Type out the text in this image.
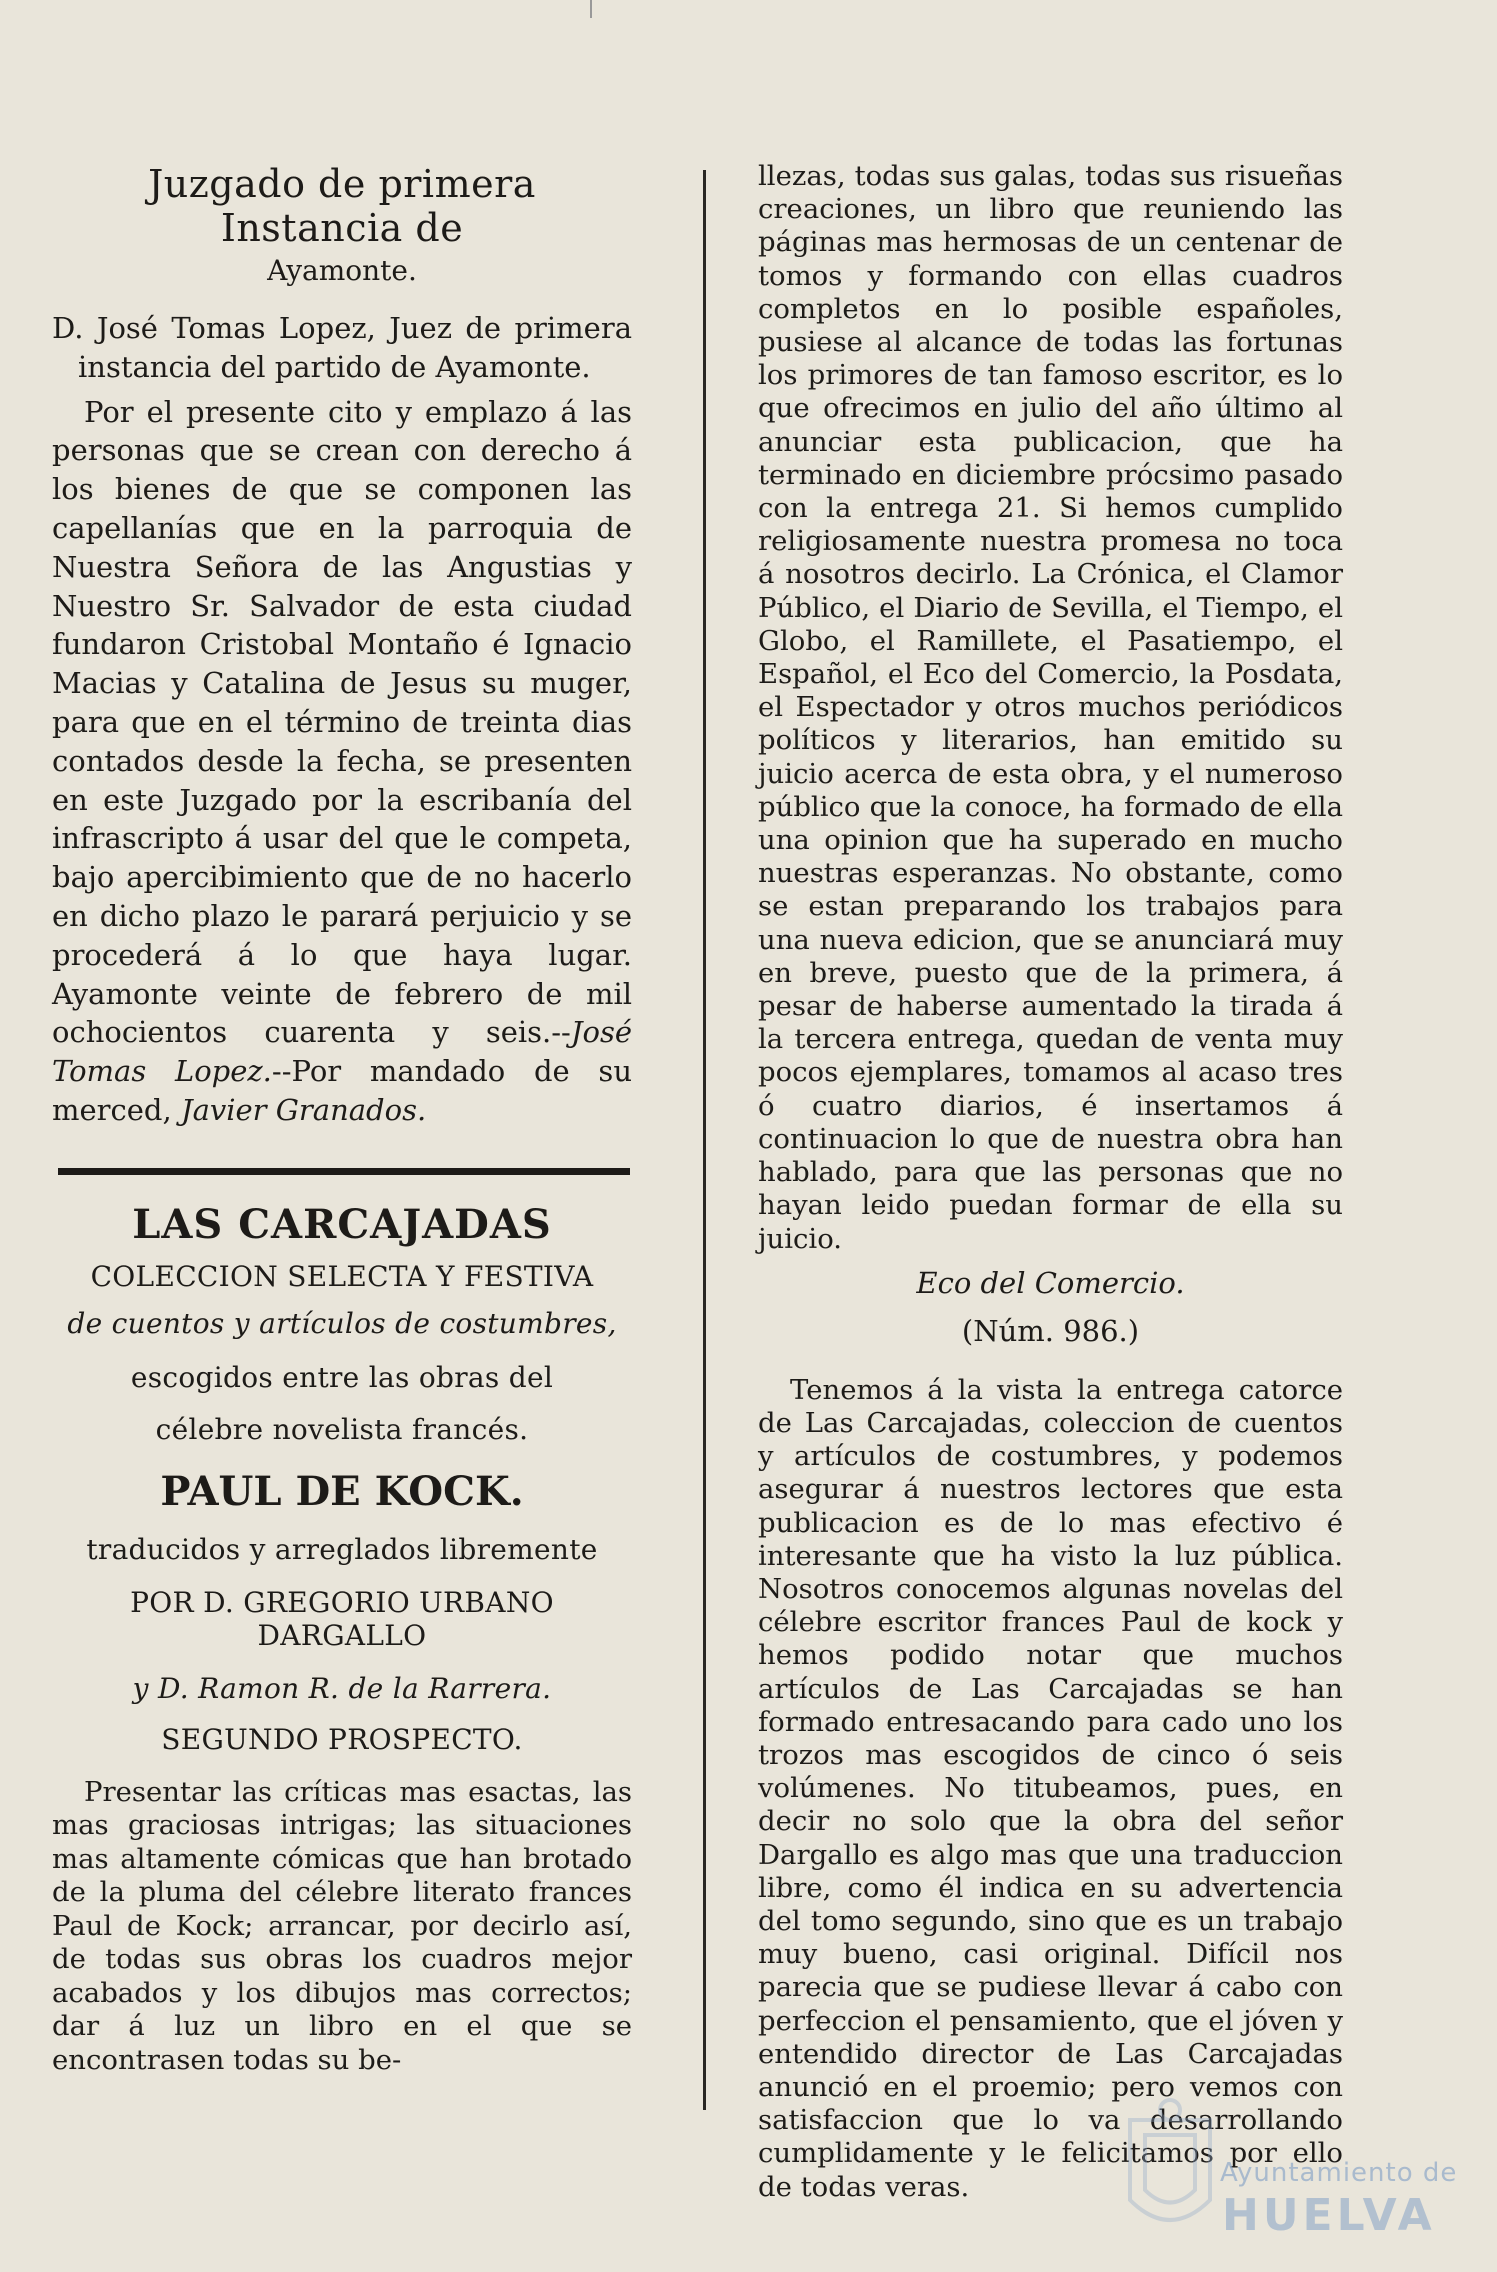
Juzgado de primera Instancia de

Ayamonte.

D. José Tomas Lopez, Juez de primera instancia del partido de Ayamonte.

Por el presente cito y emplazo á las personas que se crean con derecho á los bienes de que se componen las capellanías que en la parroquia de Nuestra Señora de las Angustias y Nuestro Sr. Salvador de esta ciudad fundaron Cristobal Montaño é Ignacio Macias y Catalina de Jesus su muger, para que en el término de treinta dias contados desde la fecha, se presenten en este Juzgado por la escribanía del infrascripto á usar del que le competa, bajo apercibimiento que de no hacerlo en dicho plazo le parará perjuicio y se procederá á lo que haya lugar. Ayamonte veinte de febrero de mil ochocientos cuarenta y seis.--José Tomas Lopez.--Por mandado de su merced, Javier Granados.

LAS CARCAJADAS

COLECCION SELECTA Y FESTIVA

de cuentos y artículos de costumbres,

escogidos entre las obras del célebre novelista francés.

PAUL DE KOCK.

traducidos y arreglados libremente

POR D. GREGORIO URBANO DARGALLO

y D. Ramon R. de la Rarrera.

SEGUNDO PROSPECTO.

Presentar las críticas mas esactas, las mas graciosas intrigas; las situaciones mas altamente cómicas que han brotado de la pluma del célebre literato frances Paul de Kock; arrancar, por decirlo así, de todas sus obras los cuadros mejor acabados y los dibujos mas correctos; dar á luz un libro en el que se encontrasen todas su be-

llezas, todas sus galas, todas sus risueñas creaciones, un libro que reuniendo las páginas mas hermosas de un centenar de tomos y formando con ellas cuadros completos en lo posible españoles, pusiese al alcance de todas las fortunas los primores de tan famoso escritor, es lo que ofrecimos en julio del año último al anunciar esta publicacion, que ha terminado en diciembre próсsimo pasado con la entrega 21. Si hemos cumplido religiosamente nuestra promesa no toca á nosotros decirlo. La Crónica, el Clamor Público, el Diario de Sevilla, el Tiempo, el Globo, el Ramillete, el Pasatiempo, el Español, el Eco del Comercio, la Posdata, el Espectador y otros muchos periódicos políticos y literarios, han emitido su juicio acerca de esta obra, y el numeroso público que la conoce, ha formado de ella una opinion que ha superado en mucho nuestras esperanzas. No obstante, como se estan preparando los trabajos para una nueva edicion, que se anunciará muy en breve, puesto que de la primera, á pesar de haberse aumentado la tirada á la tercera entrega, quedan de venta muy pocos ejemplares, tomamos al acaso tres ó cuatro diarios, é insertamos á continuacion lo que de nuestra obra han hablado, para que las personas que no hayan leido puedan formar de ella su juicio.

Eco del Comercio.

(Núm. 986.)

Tenemos á la vista la entrega catorce de Las Carcajadas, coleccion de cuentos y artículos de costumbres, y podemos asegurar á nuestros lectores que esta publicacion es de lo mas efectivo é interesante que ha visto la luz pública. Nosotros conocemos algunas novelas del célebre escritor frances Paul de kock y hemos podido notar que muchos artículos de Las Carcajadas se han formado entresacando para cado uno los trozos mas escogidos de cinco ó seis volúmenes. No titubeamos, pues, en decir no solo que la obra del señor Dargallo es algo mas que una traduccion libre, como él indica en su advertencia del tomo segundo, sino que es un trabajo muy bueno, casi original. Difícil nos parecia que se pudiese llevar á cabo con perfeccion el pensamiento, que el jóven y entendido director de Las Carcajadas anunció en el proemio; pero vemos con satisfaccion que lo va desarrollando cumplidamente y le felicitamos por ello de todas veras.	Ayuntamiento de
HUELVA
